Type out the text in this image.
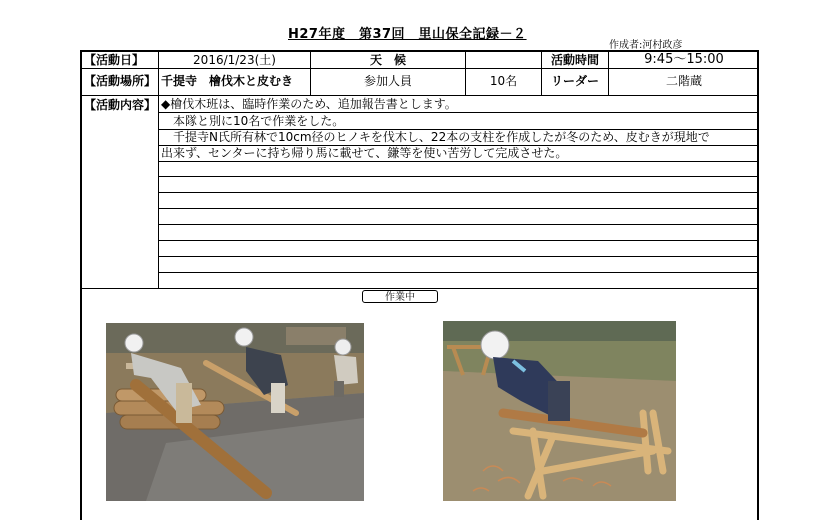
H27年度　第37回　里山保全記録－２
作成者:河村政彦
【活動日】	2016/1/23(土)	天　候	活動時間	9:45～15:00
【活動場所】 千提寺　檜伐木と皮むき	参加人員	10名	リーダー	二階蔵
【活動内容】 ◆檜伐木班は、臨時作業のため、追加報告書とします。
本隊と別に10名で作業をした。
千提寺N氏所有林で10cm径のヒノキを伐木し、22本の支柱を作成したが冬のため、皮むきが現地で
出来ず、センターに持ち帰り馬に載せて、鎌等を使い苦労して完成させた。
作業中
